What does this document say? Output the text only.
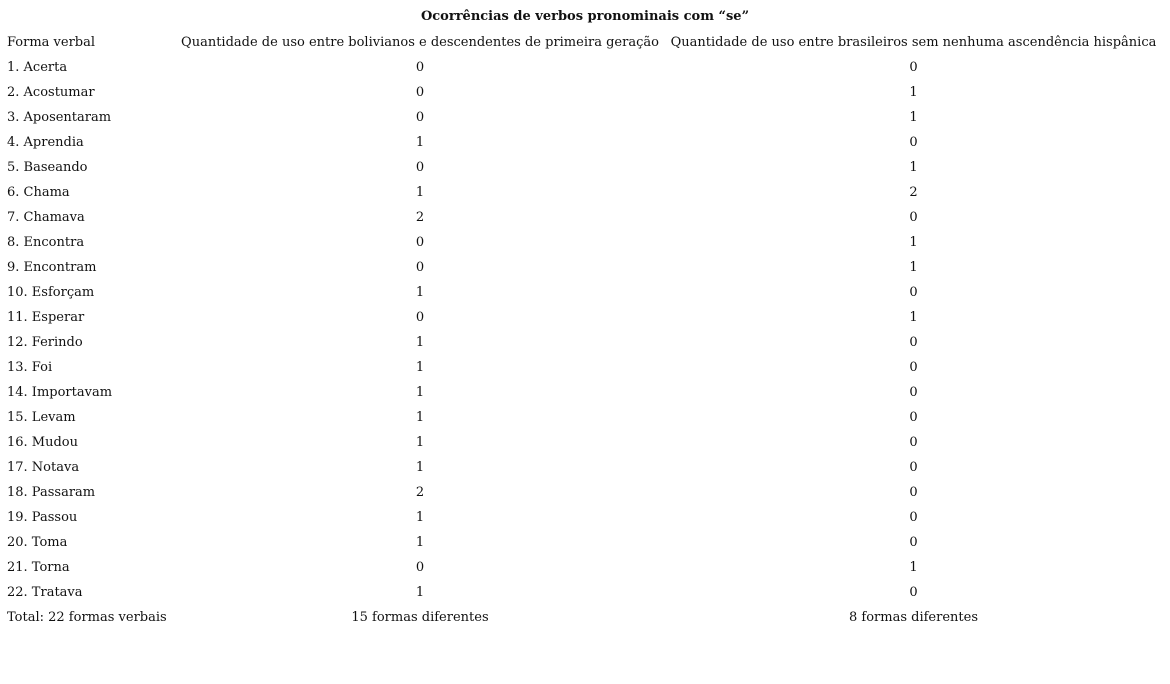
Ocorrências de verbos pronominais com “se”
Forma verbal	Quantidade de uso entre bolivianos e descendentes de primeira geração	Quantidade de uso entre brasileiros sem nenhuma ascendência hispânica
1. Acerta	0	0
2. Acostumar	0	1
3. Aposentaram	0	1
4. Aprendia	1	0
5. Baseando	0	1
6. Chama	1	2
7. Chamava	2	0
8. Encontra	0	1
9. Encontram	0	1
10. Esforçam	1	0
11. Esperar	0	1
12. Ferindo	1	0
13. Foi	1	0
14. Importavam	1	0
15. Levam	1	0
16. Mudou	1	0
17. Notava	1	0
18. Passaram	2	0
19. Passou	1	0
20. Toma	1	0
21. Torna	0	1
22. Tratava	1	0
Total: 22 formas verbais	15 formas diferentes	8 formas diferentes
